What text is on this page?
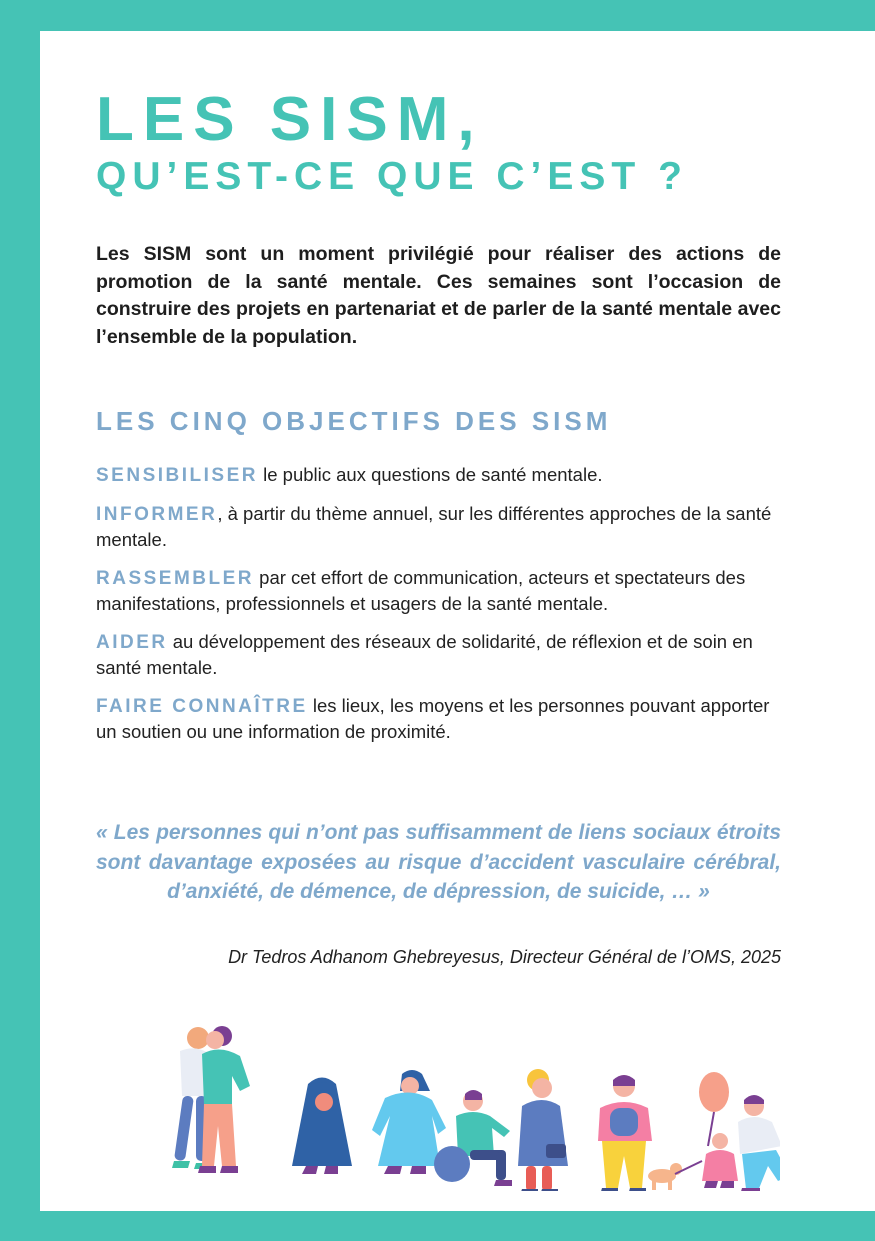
LES SISM,
QU’EST-CE QUE C’EST ?

Les SISM sont un moment privilégié pour réaliser des actions de promotion de la santé mentale. Ces semaines sont l’occasion de construire des projets en partenariat et de parler de la santé mentale avec l’ensemble de la population.

LES CINQ OBJECTIFS DES SISM

SENSIBILISER le public aux questions de santé mentale.

INFORMER, à partir du thème annuel, sur les différentes approches de la santé mentale.

RASSEMBLER par cet effort de communication, acteurs et spectateurs des manifestations, professionnels et usagers de la santé mentale.

AIDER au développement des réseaux de solidarité, de réflexion et de soin en santé mentale.

FAIRE CONNAÎTRE les lieux, les moyens et les personnes pouvant apporter un soutien ou une information de proximité.

« Les personnes qui n’ont pas suffisamment de liens sociaux étroits sont davantage exposées au risque d’accident vasculaire cérébral, d’anxiété, de démence, de dépression, de suicide, … »

Dr Tedros Adhanom Ghebreyesus, Directeur Général de l’OMS, 2025
